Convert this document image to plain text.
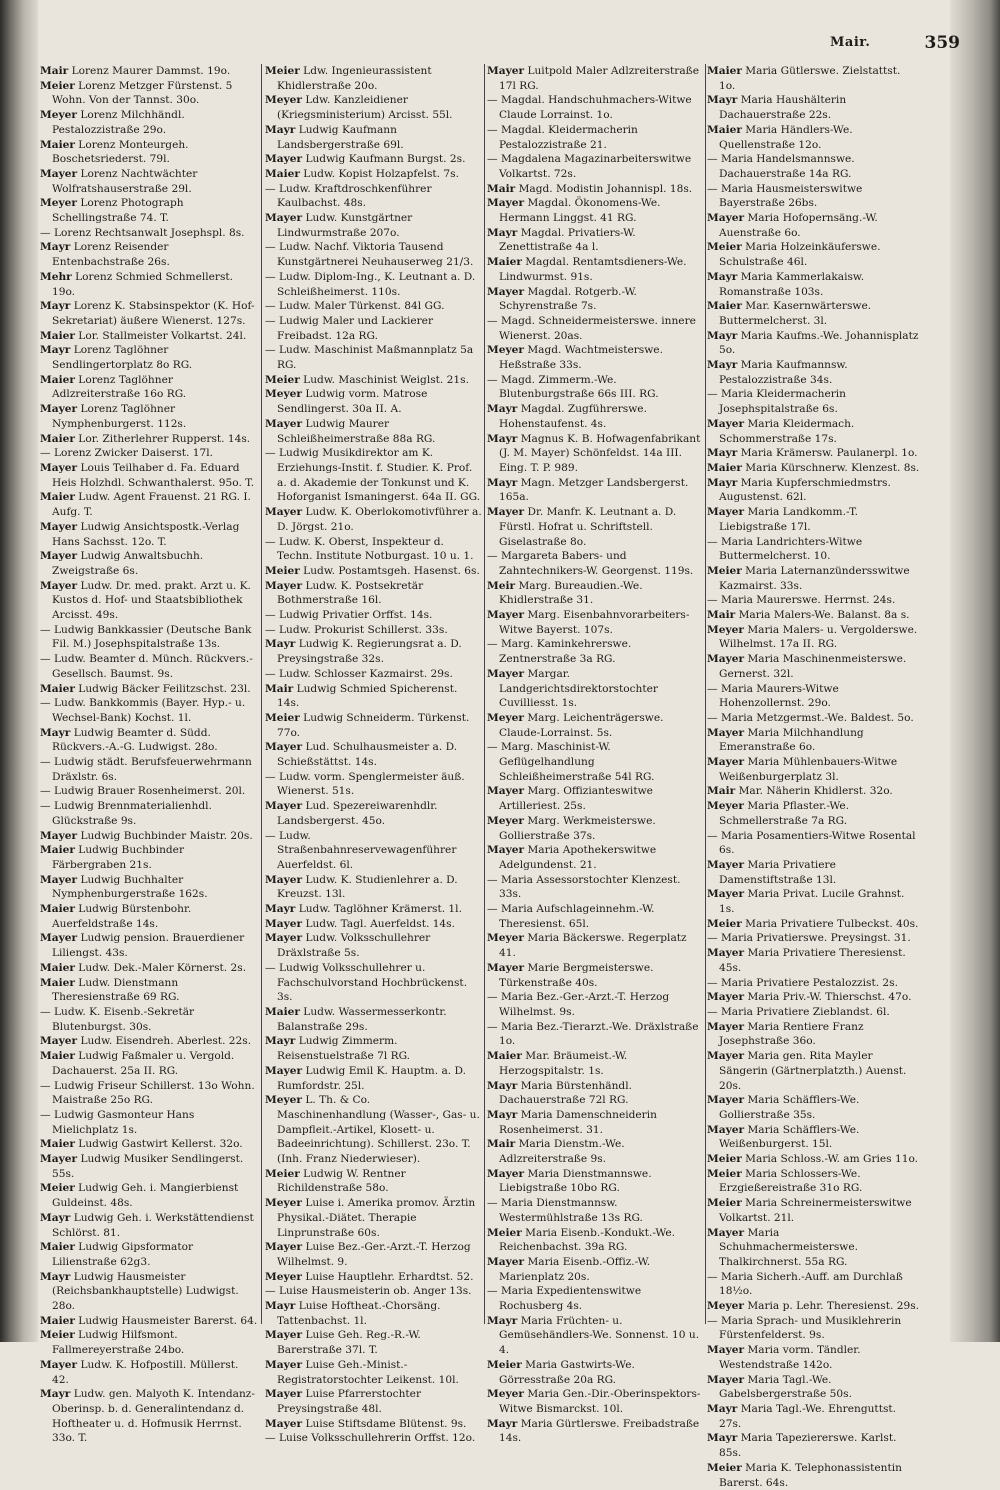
Mair.	359

Mair Lorenz Maurer Dammst. 19o.

Meier Lorenz Metzger Fürstenst. 5 Wohn. Von der Tannst. 30o.

Meyer Lorenz Milchhändl. Pestalozzistraße 29o.

Maier Lorenz Monteurgeh. Boschetsriederst. 79l.

Mayer Lorenz Nachtwächter Wolfratshauserstraße 29l.

Meyer Lorenz Photograph Schellingstraße 74. T.

— Lorenz Rechtsanwalt Josephspl. 8s.

Mayr Lorenz Reisender Entenbachstraße 26s.

Mehr Lorenz Schmied Schmellerst. 19o.

Mayr Lorenz K. Stabsinspektor (K. Hof-Sekretariat) äußere Wienerst. 127s.

Maier Lor. Stallmeister Volkartst. 24l.

Mayr Lorenz Taglöhner Sendlingertorplatz 8o RG.

Maier Lorenz Taglöhner Adlzreiterstraße 16o RG.

Mayer Lorenz Taglöhner Nymphenburgerst. 112s.

Maier Lor. Zitherlehrer Rupperst. 14s.

— Lorenz Zwicker Daiserst. 17l.

Mayer Louis Teilhaber d. Fa. Eduard Heis Holzhdl. Schwanthalerst. 95o. T.

Maier Ludw. Agent Frauenst. 21 RG. I. Aufg. T.

Mayer Ludwig Ansichtspostk.-Verlag Hans Sachsst. 12o. T.

Mayer Ludwig Anwaltsbuchh. Zweigstraße 6s.

Mayer Ludw. Dr. med. prakt. Arzt u. K. Kustos d. Hof- und Staatsbibliothek Arcisst. 49s.

— Ludwig Bankkassier (Deutsche Bank Fil. M.) Josephspitalstraße 13s.

— Ludw. Beamter d. Münch. Rückvers.-Gesellsch. Baumst. 9s.

Maier Ludwig Bäcker Feilitzschst. 23l.

— Ludw. Bankkommis (Bayer. Hyp.- u. Wechsel-Bank) Kochst. 1l.

Mayr Ludwig Beamter d. Südd. Rückvers.-A.-G. Ludwigst. 28o.

— Ludwig städt. Berufsfeuerwehrmann Dräxlstr. 6s.

— Ludwig Brauer Rosenheimerst. 20l.

— Ludwig Brennmaterialienhdl. Glückstraße 9s.

Mayer Ludwig Buchbinder Maistr. 20s.

Maier Ludwig Buchbinder Färbergraben 21s.

Mayer Ludwig Buchhalter Nymphenburgerstraße 162s.

Maier Ludwig Bürstenbohr. Auerfeldstraße 14s.

Mayer Ludwig pension. Brauerdiener Liliengst. 43s.

Maier Ludw. Dek.-Maler Körnerst. 2s.

Maier Ludw. Dienstmann Theresienstraße 69 RG.

— Ludw. K. Eisenb.-Sekretär Blutenburgst. 30s.

Mayer Ludw. Eisendreh. Aberlest. 22s.

Maier Ludwig Faßmaler u. Vergold. Dachauerst. 25a II. RG.

— Ludwig Friseur Schillerst. 13o Wohn. Maistraße 25o RG.

— Ludwig Gasmonteur Hans Mielichplatz 1s.

Maier Ludwig Gastwirt Kellerst. 32o.

Mayer Ludwig Musiker Sendlingerst. 55s.

Meier Ludwig Geh. i. Mangierbienst Guldeinst. 48s.

Mayr Ludwig Geh. i. Werkstättendienst Schlörst. 81.

Maier Ludwig Gipsformator Lilienstraße 62g3.

Mayr Ludwig Hausmeister (Reichsbankhauptstelle) Ludwigst. 28o.

Maier Ludwig Hausmeister Barerst. 64.

Meier Ludwig Hilfsmont. Fallmereyerstraße 24bo.

Mayer Ludw. K. Hofpostill. Müllerst. 42.

Mayr Ludw. gen. Malyoth K. Intendanz-Oberinsp. b. d. Generalintendanz d. Hoftheater u. d. Hofmusik Herrnst. 33o. T.

Meier Ldw. Ingenieurassistent Khidlerstraße 20o.

Meyer Ldw. Kanzleidiener (Kriegsministerium) Arcisst. 55l.

Mayr Ludwig Kaufmann Landsbergerstraße 69l.

Mayer Ludwig Kaufmann Burgst. 2s.

Maier Ludw. Kopist Holzapfelst. 7s.

— Ludw. Kraftdroschkenführer Kaulbachst. 48s.

Mayer Ludw. Kunstgärtner Lindwurmstraße 207o.

— Ludw. Nachf. Viktoria Tausend Kunstgärtnerei Neuhauserweg 21/3.

— Ludw. Diplom-Ing., K. Leutnant a. D. Schleißheimerst. 110s.

— Ludw. Maler Türkenst. 84l GG.

— Ludwig Maler und Lackierer Freibadst. 12a RG.

— Ludw. Maschinist Maßmannplatz 5a RG.

Meier Ludw. Maschinist Weiglst. 21s.

Meyer Ludwig vorm. Matrose Sendlingerst. 30a II. A.

Mayer Ludwig Maurer Schleißheimerstraße 88a RG.

— Ludwig Musikdirektor am K. Erziehungs-Instit. f. Studier. K. Prof. a. d. Akademie der Tonkunst und K. Hoforganist Ismaningerst. 64a II. GG.

Mayer Ludw. K. Oberlokomotivführer a. D. Jörgst. 21o.

— Ludw. K. Oberst, Inspekteur d. Techn. Institute Notburgast. 10 u. 1.

Meier Ludw. Postamtsgeh. Hasenst. 6s.

Mayer Ludw. K. Postsekretär Bothmerstraße 16l.

— Ludwig Privatier Orffst. 14s.

— Ludw. Prokurist Schillerst. 33s.

Mayr Ludwig K. Regierungsrat a. D. Preysingstraße 32s.

— Ludw. Schlosser Kazmairst. 29s.

Mair Ludwig Schmied Spicherenst. 14s.

Meier Ludwig Schneiderm. Türkenst. 77o.

Mayer Lud. Schulhausmeister a. D. Schießstättst. 14s.

— Ludw. vorm. Spenglermeister äuß. Wienerst. 51s.

Mayer Lud. Spezereiwarenhdlr. Landsbergerst. 45o.

— Ludw. Straßenbahnreservewagenführer Auerfeldst. 6l.

Mayer Ludw. K. Studienlehrer a. D. Kreuzst. 13l.

Mayr Ludw. Taglöhner Krämerst. 1l.

Mayer Ludw. Tagl. Auerfeldst. 14s.

Mayer Ludw. Volksschullehrer Dräxlstraße 5s.

— Ludwig Volksschullehrer u. Fachschulvorstand Hochbrückenst. 3s.

Maier Ludw. Wassermesserkontr. Balanstraße 29s.

Mayr Ludwig Zimmerm. Reisenstuelstraße 7l RG.

Mayer Ludwig Emil K. Hauptm. a. D. Rumfordstr. 25l.

Meyer L. Th. & Co. Maschinenhandlung (Wasser-, Gas- u. Dampfleit.-Artikel, Klosett- u. Badeeinrichtung). Schillerst. 23o. T. (Inh. Franz Niederwieser).

Meier Ludwig W. Rentner Richildenstraße 58o.

Meyer Luise i. Amerika promov. Ärztin Physikal.-Diätet. Therapie Linprunstraße 60s.

Mayer Luise Bez.-Ger.-Arzt.-T. Herzog Wilhelmst. 9.

Meyer Luise Hauptlehr. Erhardtst. 52.

— Luise Hausmeisterin ob. Anger 13s.

Mayr Luise Hoftheat.-Chorsäng. Tattenbachst. 1l.

Mayer Luise Geh. Reg.-R.-W. Barerstraße 37l. T.

Mayer Luise Geh.-Minist.-Registratorstochter Leikenst. 10l.

Mayer Luise Pfarrerstochter Preysingstraße 48l.

Mayer Luise Stiftsdame Blütenst. 9s.

— Luise Volksschullehrerin Orffst. 12o.

Mayer Luitpold Maler Adlzreiterstraße 17l RG.

— Magdal. Handschuhmachers-Witwe Claude Lorrainst. 1o.

— Magdal. Kleidermacherin Pestalozzistraße 21.

— Magdalena Magazinarbeiterswitwe Volkartst. 72s.

Mair Magd. Modistin Johannispl. 18s.

Mayer Magdal. Ökonomens-We. Hermann Linggst. 41 RG.

Mayr Magdal. Privatiers-W. Zenettistraße 4a l.

Maier Magdal. Rentamtsdieners-We. Lindwurmst. 91s.

Mayer Magdal. Rotgerb.-W. Schyrenstraße 7s.

— Magd. Schneidermeisterswe. innere Wienerst. 20as.

Meyer Magd. Wachtmeisterswe. Heßstraße 33s.

— Magd. Zimmerm.-We. Blutenburgstraße 66s III. RG.

Mayr Magdal. Zugführerswe. Hohenstaufenst. 4s.

Mayr Magnus K. B. Hofwagenfabrikant (J. M. Mayer) Schönfeldst. 14a III. Eing. T. P. 989.

Mayr Magn. Metzger Landsbergerst. 165a.

Mayer Dr. Manfr. K. Leutnant a. D. Fürstl. Hofrat u. Schriftstell. Giselastraße 8o.

— Margareta Babers- und Zahntechnikers-W. Georgenst. 119s.

Meir Marg. Bureaudien.-We. Khidlerstraße 31.

Mayer Marg. Eisenbahnvorarbeiters-Witwe Bayerst. 107s.

— Marg. Kaminkehrerswe. Zentnerstraße 3a RG.

Mayer Margar. Landgerichtsdirektorstochter Cuvilliesst. 1s.

Meyer Marg. Leichenträgerswe. Claude-Lorrainst. 5s.

— Marg. Maschinist-W. Geflügelhandlung Schleißheimerstraße 54l RG.

Mayer Marg. Offizianteswitwe Artilleriest. 25s.

Meyer Marg. Werkmeisterswe. Gollierstraße 37s.

Mayer Maria Apothekerswitwe Adelgundenst. 21.

— Maria Assessorstochter Klenzest. 33s.

— Maria Aufschlageinnehm.-W. Theresienst. 65l.

Meyer Maria Bäckerswe. Regerplatz 41.

Mayer Marie Bergmeisterswe. Türkenstraße 40s.

— Maria Bez.-Ger.-Arzt.-T. Herzog Wilhelmst. 9s.

— Maria Bez.-Tierarzt.-We. Dräxlstraße 1o.

Maier Mar. Bräumeist.-W. Herzogspitalstr. 1s.

Mayr Maria Bürstenhändl. Dachauerstraße 72l RG.

Mayr Maria Damenschneiderin Rosenheimerst. 31.

Mair Maria Dienstm.-We. Adlzreiterstraße 9s.

Mayer Maria Dienstmannswe. Liebigstraße 10bo RG.

— Maria Dienstmannsw. Westermühlstraße 13s RG.

Meier Maria Eisenb.-Kondukt.-We. Reichenbachst. 39a RG.

Mayer Maria Eisenb.-Offiz.-W. Marienplatz 20s.

— Maria Expedientenswitwe Rochusberg 4s.

Mayr Maria Früchten- u. Gemüsehändlers-We. Sonnenst. 10 u. 4.

Meier Maria Gastwirts-We. Görresstraße 20a RG.

Meyer Maria Gen.-Dir.-Oberinspektors-Witwe Bismarckst. 10l.

Mayr Maria Gürtlerswe. Freibadstraße 14s.

Maier Maria Gütlerswe. Zielstattst. 1o.

Mayr Maria Haushälterin Dachauerstraße 22s.

Maier Maria Händlers-We. Quellenstraße 12o.

— Maria Handelsmannswe. Dachauerstraße 14a RG.

— Maria Hausmeisterswitwe Bayerstraße 26bs.

Mayer Maria Hofopernsäng.-W. Auenstraße 6o.

Meier Maria Holzeinkäuferswe. Schulstraße 46l.

Mayr Maria Kammerlakaisw. Romanstraße 103s.

Maier Mar. Kasernwärterswe. Buttermelcherst. 3l.

Mayr Maria Kaufms.-We. Johannisplatz 5o.

Mayr Maria Kaufmannsw. Pestalozzistraße 34s.

— Maria Kleidermacherin Josephspitalstraße 6s.

Mayer Maria Kleidermach. Schommerstraße 17s.

Mayr Maria Krämersw. Paulanerpl. 1o.

Maier Maria Kürschnerw. Klenzest. 8s.

Mayr Maria Kupferschmiedmstrs. Augustenst. 62l.

Mayer Maria Landkomm.-T. Liebigstraße 17l.

— Maria Landrichters-Witwe Buttermelcherst. 10.

Meier Maria Laternanzündersswitwe Kazmairst. 33s.

— Maria Maurerswe. Herrnst. 24s.

Mair Maria Malers-We. Balanst. 8a s.

Meyer Maria Malers- u. Vergolderswe. Wilhelmst. 17a II. RG.

Mayer Maria Maschinenmeisterswe. Gernerst. 32l.

— Maria Maurers-Witwe Hohenzollernst. 29o.

— Maria Metzgermst.-We. Baldest. 5o.

Mayer Maria Milchhandlung Emeranstraße 6o.

Mayer Maria Mühlenbauers-Witwe Weißenburgerplatz 3l.

Mair Mar. Näherin Khidlerst. 32o.

Meyer Maria Pflaster.-We. Schmellerstraße 7a RG.

— Maria Posamentiers-Witwe Rosental 6s.

Mayer Maria Privatiere Damenstiftstraße 13l.

Mayer Maria Privat. Lucile Grahnst. 1s.

Meier Maria Privatiere Tulbeckst. 40s.

— Maria Privatierswe. Preysingst. 31.

Mayer Maria Privatiere Theresienst. 45s.

— Maria Privatiere Pestalozzist. 2s.

Mayer Maria Priv.-W. Thierschst. 47o.

— Maria Privatiere Zieblandst. 6l.

Mayer Maria Rentiere Franz Josephstraße 36o.

Mayer Maria gen. Rita Mayler Sängerin (Gärtnerplatzth.) Auenst. 20s.

Mayer Maria Schäfflers-We. Gollierstraße 35s.

Mayer Maria Schäfflers-We. Weißenburgerst. 15l.

Meier Maria Schloss.-W. am Gries 11o.

Meier Maria Schlossers-We. Erzgießereistraße 31o RG.

Meier Maria Schreinermeisterswitwe Volkartst. 21l.

Mayer Maria Schuhmachermeisterswe. Thalkirchnerst. 55a RG.

— Maria Sicherh.-Auff. am Durchlaß 18½o.

Meyer Maria p. Lehr. Theresienst. 29s.

— Maria Sprach- und Musiklehrerin Fürstenfelderst. 9s.

Mayer Maria vorm. Tändler. Westendstraße 142o.

Mayer Maria Tagl.-We. Gabelsbergerstraße 50s.

Mayr Maria Tagl.-We. Ehrenguttst. 27s.

Mayr Maria Tapeziererswe. Karlst. 85s.

Meier Maria K. Telephonassistentin Barerst. 64s.
